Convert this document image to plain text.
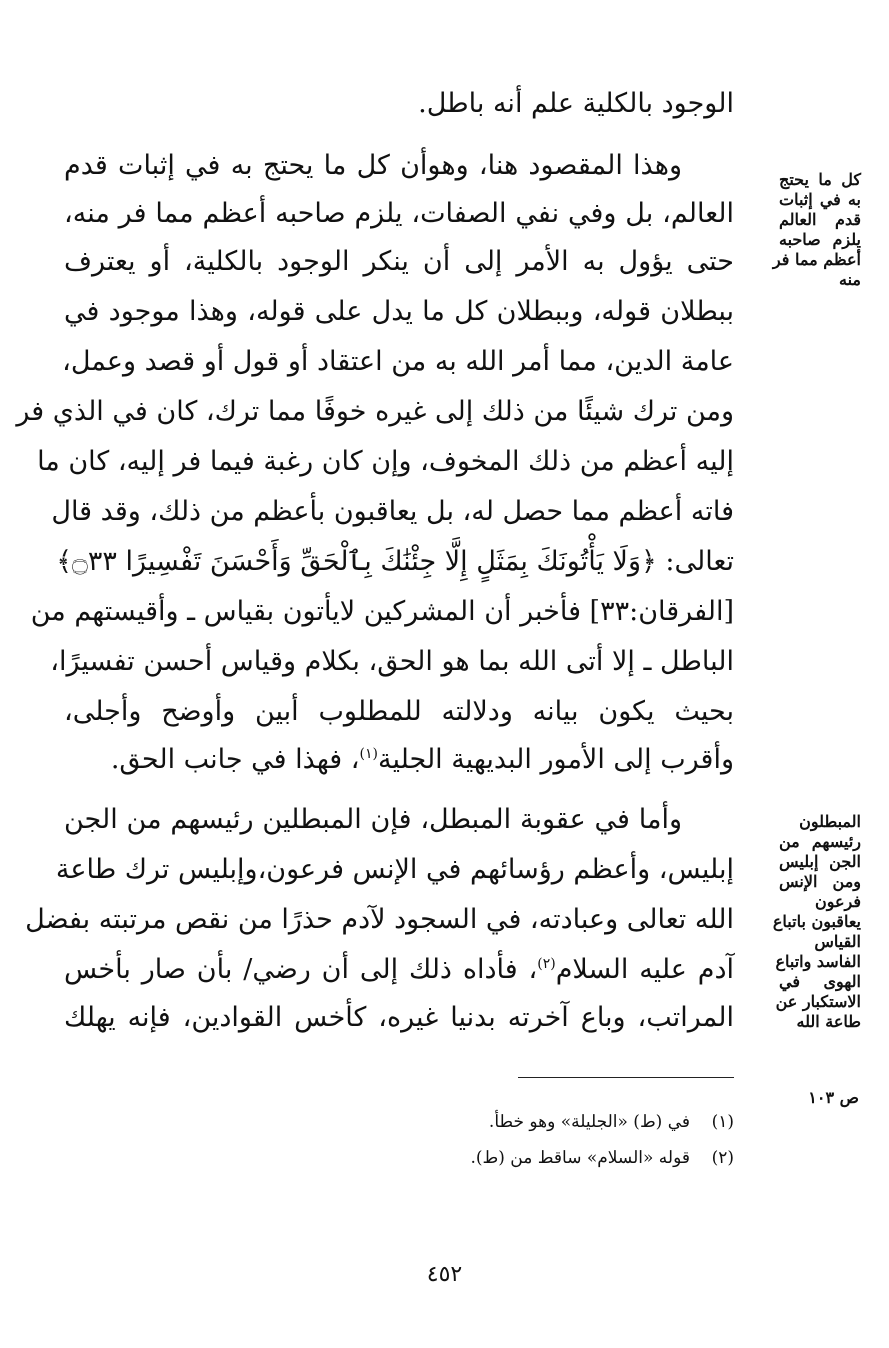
الوجود بالكلية علم أنه باطل.
وهذا المقصود هنا، وهوأن كل ما يحتج به في إثبات قدم
العالم، بل وفي نفي الصفات، يلزم صاحبه أعظم مما فر منه،
حتى يؤول به الأمر إلى أن ينكر الوجود بالكلية، أو يعترف
ببطلان قوله، وببطلان كل ما يدل على قوله، وهذا موجود في
عامة الدين، مما أمر الله به من اعتقاد أو قول أو قصد وعمل،
ومن ترك شيئًا من ذلك إلى غيره خوفًا مما ترك، كان في الذي فر
إليه أعظم من ذلك المخوف، وإن كان رغبة فيما فر إليه، كان ما
فاته أعظم مما حصل له، بل يعاقبون بأعظم من ذلك، وقد قال
تعالى: ﴿وَلَا يَأْتُونَكَ بِمَثَلٍ إِلَّا جِئْنَٰكَ بِٱلْحَقِّ وَأَحْسَنَ تَفْسِيرًا ۝٣٣﴾
[الفرقان:٣٣] فأخبر أن المشركين لايأتون بقياس ـ وأقيستهم من
الباطل ـ إلا أتى الله بما هو الحق، بكلام وقياس أحسن تفسيرًا،
بحيث يكون بيانه ودلالته للمطلوب أبين وأوضح وأجلى،
وأقرب إلى الأمور البديهية الجلية$^{(١)}$، فهذا في جانب الحق.
وأما في عقوبة المبطل، فإن المبطلين رئيسهم من الجن
إبليس، وأعظم رؤسائهم في الإنس فرعون،وإبليس ترك طاعة
الله تعالى وعبادته، في السجود لآدم حذرًا من نقص مرتبته بفضل
آدم عليه السلام$^{(٢)}$، فأداه ذلك إلى أن رضي/ بأن صار بأخس
المراتب، وباع آخرته بدنيا غيره، كأخس القوادين، فإنه يهلك
كل ما يحتج
به في إثبات
قدم العالم
يلزم صاحبه
أعظم مما فر
منه
المبطلون
رئيسهم من
الجن إبليس
ومن الإنس
فرعون
يعاقبون باتباع
القياس
الفاسد واتباع
الهوى في
الاستكبار عن
طاعة الله
ص ١٠٣
(١)في (ط) «الجليلة» وهو خطأ.
(٢)قوله «السلام» ساقط من (ط).
٤٥٢
